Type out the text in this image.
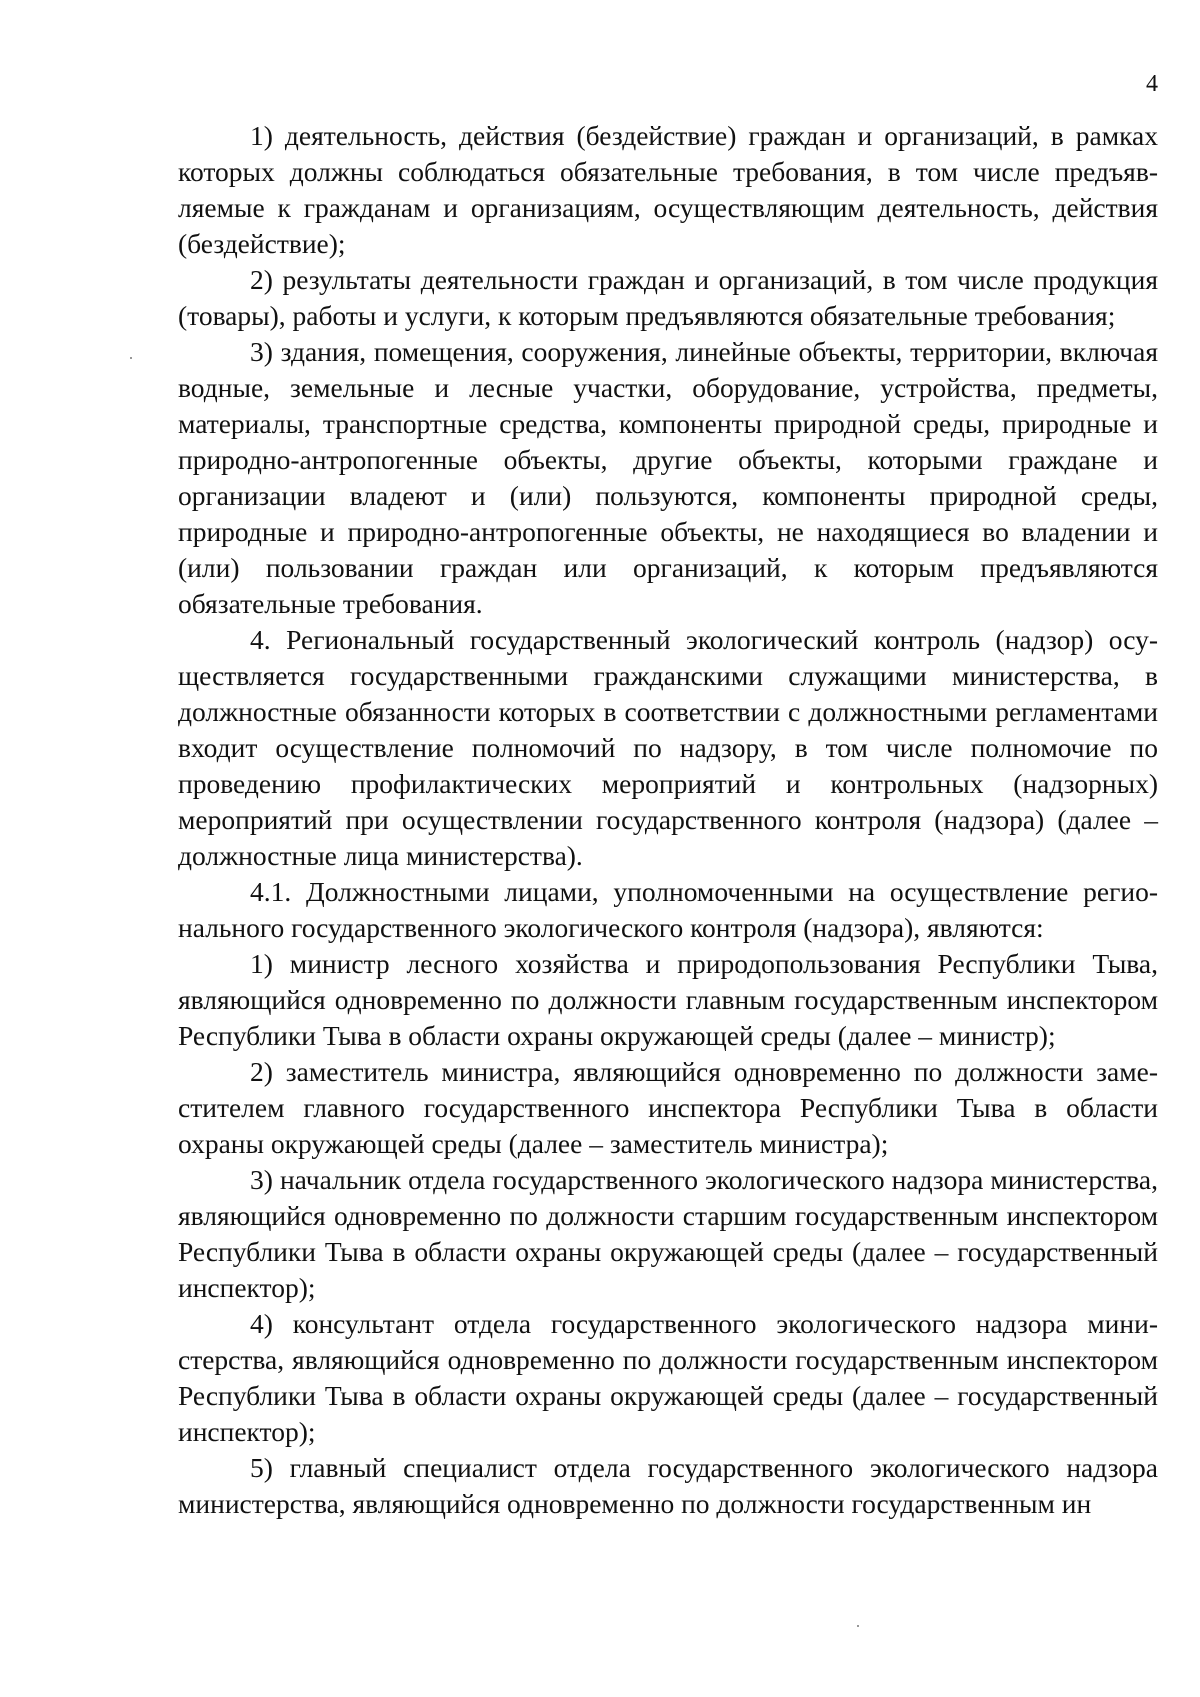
4

1) деятельность, действия (бездействие) граждан и организаций, в рамках которых должны соблюдаться обязательные требования, в том числе предъявляемые к гражданам и организациям, осуществляющим деятельность, действия (бездействие);

2) результаты деятельности граждан и организаций, в том числе продукция (товары), работы и услуги, к которым предъявляются обязательные требования;

3) здания, помещения, сооружения, линейные объекты, территории, включая водные, земельные и лесные участки, оборудование, устройства, предметы, материалы, транспортные средства, компоненты природной среды, природные и природно-антропогенные объекты, другие объекты, которыми граждане и организации владеют и (или) пользуются, компоненты природной среды, природные и природно-антропогенные объекты, не находящиеся во владении и (или) пользовании граждан или организаций, к которым предъявляются обязательные требования.

4. Региональный государственный экологический контроль (надзор) осуществляется государственными гражданскими служащими министерства, в должностные обязанности которых в соответствии с должностными регламентами входит осуществление полномочий по надзору, в том числе полномочие по проведению профилактических мероприятий и контрольных (надзорных) мероприятий при осуществлении государственного контроля (надзора) (далее – должностные лица министерства).

4.1. Должностными лицами, уполномоченными на осуществление регионального государственного экологического контроля (надзора), являются:

1) министр лесного хозяйства и природопользования Республики Тыва, являющийся одновременно по должности главным государственным инспектором Республики Тыва в области охраны окружающей среды (далее – министр);

2) заместитель министра, являющийся одновременно по должности заместителем главного государственного инспектора Республики Тыва в области охраны окружающей среды (далее – заместитель министра);

3) начальник отдела государственного экологического надзора министерства, являющийся одновременно по должности старшим государственным инспектором Республики Тыва в области охраны окружающей среды (далее – государственный инспектор);

4) консультант отдела государственного экологического надзора министерства, являющийся одновременно по должности государственным инспектором Республики Тыва в области охраны окружающей среды (далее – государственный инспектор);

5) главный специалист отдела государственного экологического надзора министерства, являющийся одновременно по должности государственным ин
